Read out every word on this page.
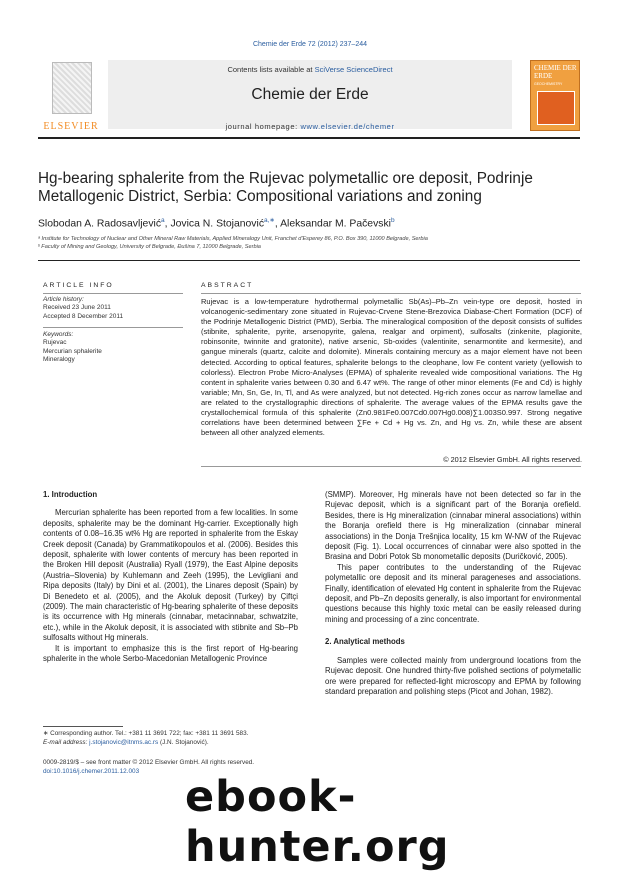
Chemie der Erde 72 (2012) 237–244
ELSEVIER
Contents lists available at SciVerse ScienceDirect
Chemie der Erde
journal homepage: www.elsevier.de/chemer
CHEMIE DER ERDE
GEOCHEMISTRY
Hg-bearing sphalerite from the Rujevac polymetallic ore deposit, Podrinje Metallogenic District, Serbia: Compositional variations and zoning
Slobodan A. Radosavljević$^a$, Jovica N. Stojanović$^{a,∗}$, Aleksandar M. Pačevski$^b$
ᵃ Institute for Technology of Nuclear and Other Mineral Raw Materials, Applied Mineralogy Unit, Franchet d'Esperey 86, P.O. Box 390, 11000 Belgrade, Serbia
ᵇ Faculty of Mining and Geology, University of Belgrade, Đušina 7, 11000 Belgrade, Serbia
ARTICLE INFO	ABSTRACT
Article history:
Received 23 June 2011
Accepted 8 December 2011
Keywords:
Rujevac
Mercurian sphalerite
Mineralogy
Rujevac is a low-temperature hydrothermal polymetallic Sb(As)–Pb–Zn vein-type ore deposit, hosted in volcanogenic-sedimentary zone situated in Rujevac-Crvene Stene-Brezovica Diabase-Chert Formation (DCF) of the Podrinje Metallogenic District (PMD), Serbia. The mineralogical composition of the deposit consists of sulfides (stibnite, sphalerite, pyrite, arsenopyrite, galena, realgar and orpiment), sulfosalts (zinkenite, plagionite, robinsonite, twinnite and gratonite), native arsenic, Sb-oxides (valentinite, senarmontite and kermesite), and gangue minerals (quartz, calcite and dolomite). Minerals containing mercury as a major element have not been detected. According to optical features, sphalerite belongs to the cleophane, low Fe content variety (yellowish to colorless). Electron Probe Micro-Analyses (EPMA) of sphalerite revealed wide compositional variations. The Hg content in sphalerite varies between 0.30 and 6.47 wt%. The range of other minor elements (Fe and Cd) is highly variable; Mn, Sn, Ge, In, Tl, and As were analyzed, but not detected. Hg-rich zones occur as narrow lamellae and are related to the crystallographic directions of sphalerite. The average values of the EPMA results gave the crystallochemical formula of this sphalerite (Zn0.981Fe0.007Cd0.007Hg0.008)∑1.003S0.997. Strong negative correlations have been determined between ∑Fe + Cd + Hg vs. Zn, and Hg vs. Zn, while these are absent between all other analyzed elements.
© 2012 Elsevier GmbH. All rights reserved.
1. Introduction

Mercurian sphalerite has been reported from a few localities. In some deposits, sphalerite may be the dominant Hg-carrier. Exceptionally high contents of 0.08–16.35 wt% Hg are reported in sphalerite from the Eskay Creek deposit (Canada) by Grammatikopoulos et al. (2006). Besides this deposit, sphalerite with lower contents of mercury has been reported in the Broken Hill deposit (Australia) Ryall (1979), the East Alpine deposits (Austria–Slovenia) by Kuhlemann and Zeeh (1995), the Levigliani and Ripa deposits (Italy) by Dini et al. (2001), the Linares deposit (Spain) by Di Benedeto et al. (2005), and the Akoluk deposit (Turkey) by Çiftçi (2009). The main characteristic of Hg-bearing sphalerite of these deposits is its occurrence with Hg minerals (cinnabar, metacinnabar, schwatzite, etc.), while in the Akoluk deposit, it is associated with stibnite and Sb–Pb sulfosalts without Hg minerals.

It is important to emphasize this is the first report of Hg-bearing sphalerite in the whole Serbo-Macedonian Metallogenic Province

(SMMP). Moreover, Hg minerals have not been detected so far in the Rujevac deposit, which is a significant part of the Boranja orefield. Besides, there is Hg mineralization (cinnabar mineral associations) within the Boranja orefield there is Hg mineralization (cinnabar mineral associations) in the Donja Trešnjica locality, 15 km W-NW of the Rujevac deposit (Fig. 1). Local occurrences of cinnabar were also spotted in the Brasina and Dobri Potok Sb monometallic deposits (Duričković, 2005).

This paper contributes to the understanding of the Rujevac polymetallic ore deposit and its mineral parageneses and associations. Finally, identification of elevated Hg content in sphalerite from the Rujevac deposit, and Pb–Zn deposits generally, is also important for environmental questions because this highly toxic metal can be easily released during mining and processing of a zinc concentrate.

2. Analytical methods

Samples were collected mainly from underground locations from the Rujevac deposit. One hundred thirty-five polished sections of polymetallic ore were prepared for reflected-light microscopy and EPMA by following standard preparation and polishing steps (Picot and Johan, 1982).

∗ Corresponding author. Tel.: +381 11 3691 722; fax: +381 11 3691 583.
E-mail address: j.stojanovic@itnms.ac.rs (J.N. Stojanović).
0009-2819/$ – see front matter © 2012 Elsevier GmbH. All rights reserved.
doi:10.1016/j.chemer.2011.12.003
ebook-hunter.org
